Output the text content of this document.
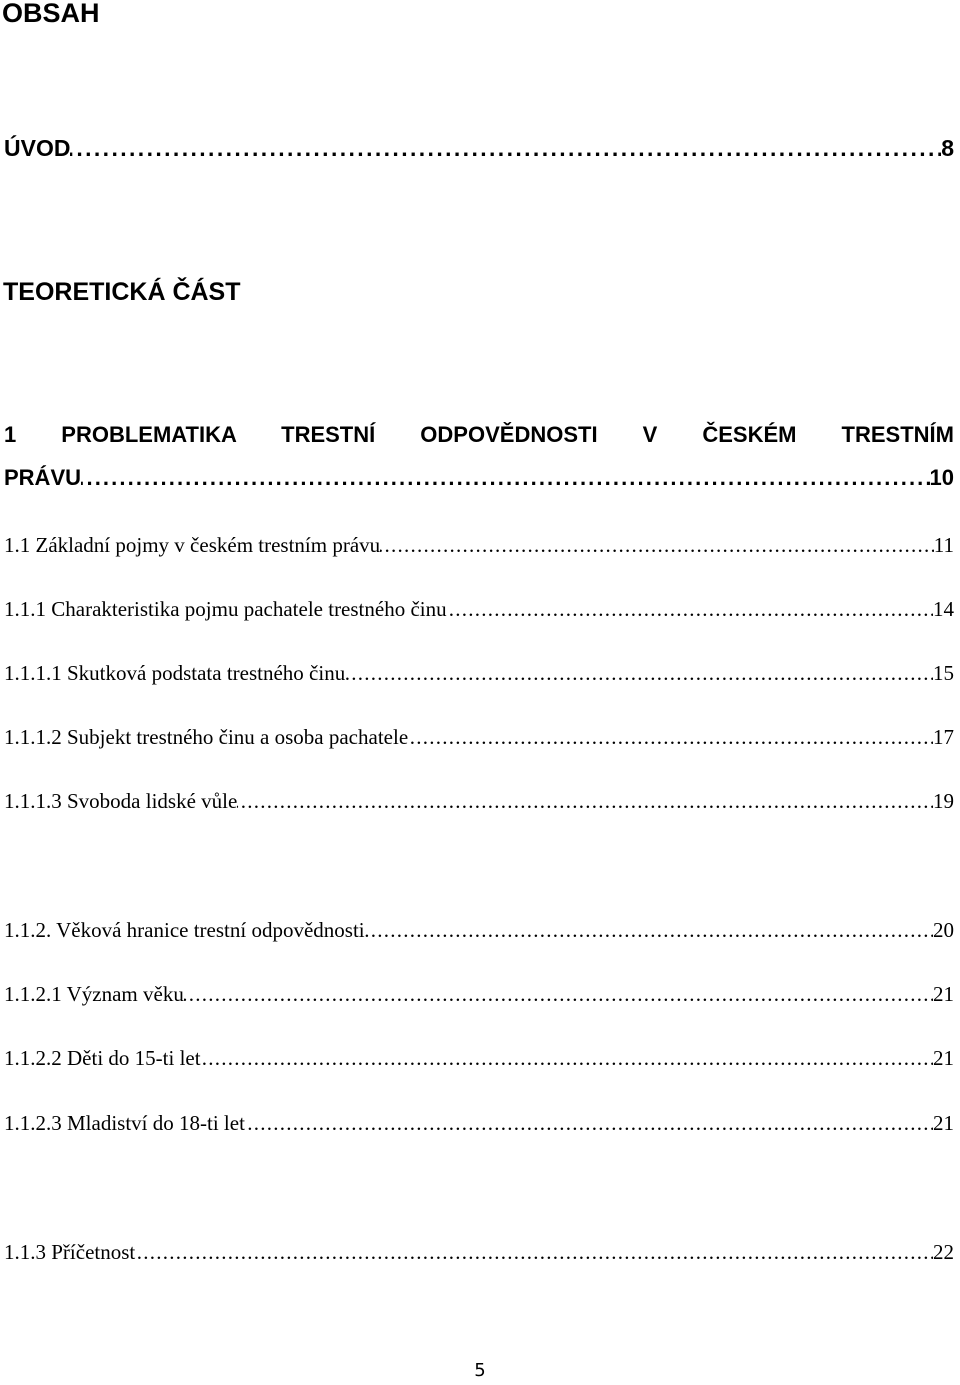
OBSAH
ÚVOD . . .	8
TEORETICKÁ ČÁST
1 PROBLEMATIKA TRESTNÍ ODPOVĚDNOSTI V ČESKÉM TRESTNÍM
PRÁVU . . .	10
1.1 Základní pojmy v českém trestním právu . . .	11
1.1.1 Charakteristika pojmu pachatele trestného činu . . .	14
1.1.1.1 Skutková podstata trestného činu . . .	15
1.1.1.2 Subjekt trestného činu a osoba pachatele . . .	17
1.1.1.3 Svoboda lidské vůle . . .	19
1.1.2. Věková hranice trestní odpovědnosti . . .	20
1.1.2.1 Význam věku . . .	21
1.1.2.2 Děti do 15-ti let . . .	21
1.1.2.3 Mladiství do 18-ti let . . .	21
1.1.3 Příčetnost . . .	22
5
